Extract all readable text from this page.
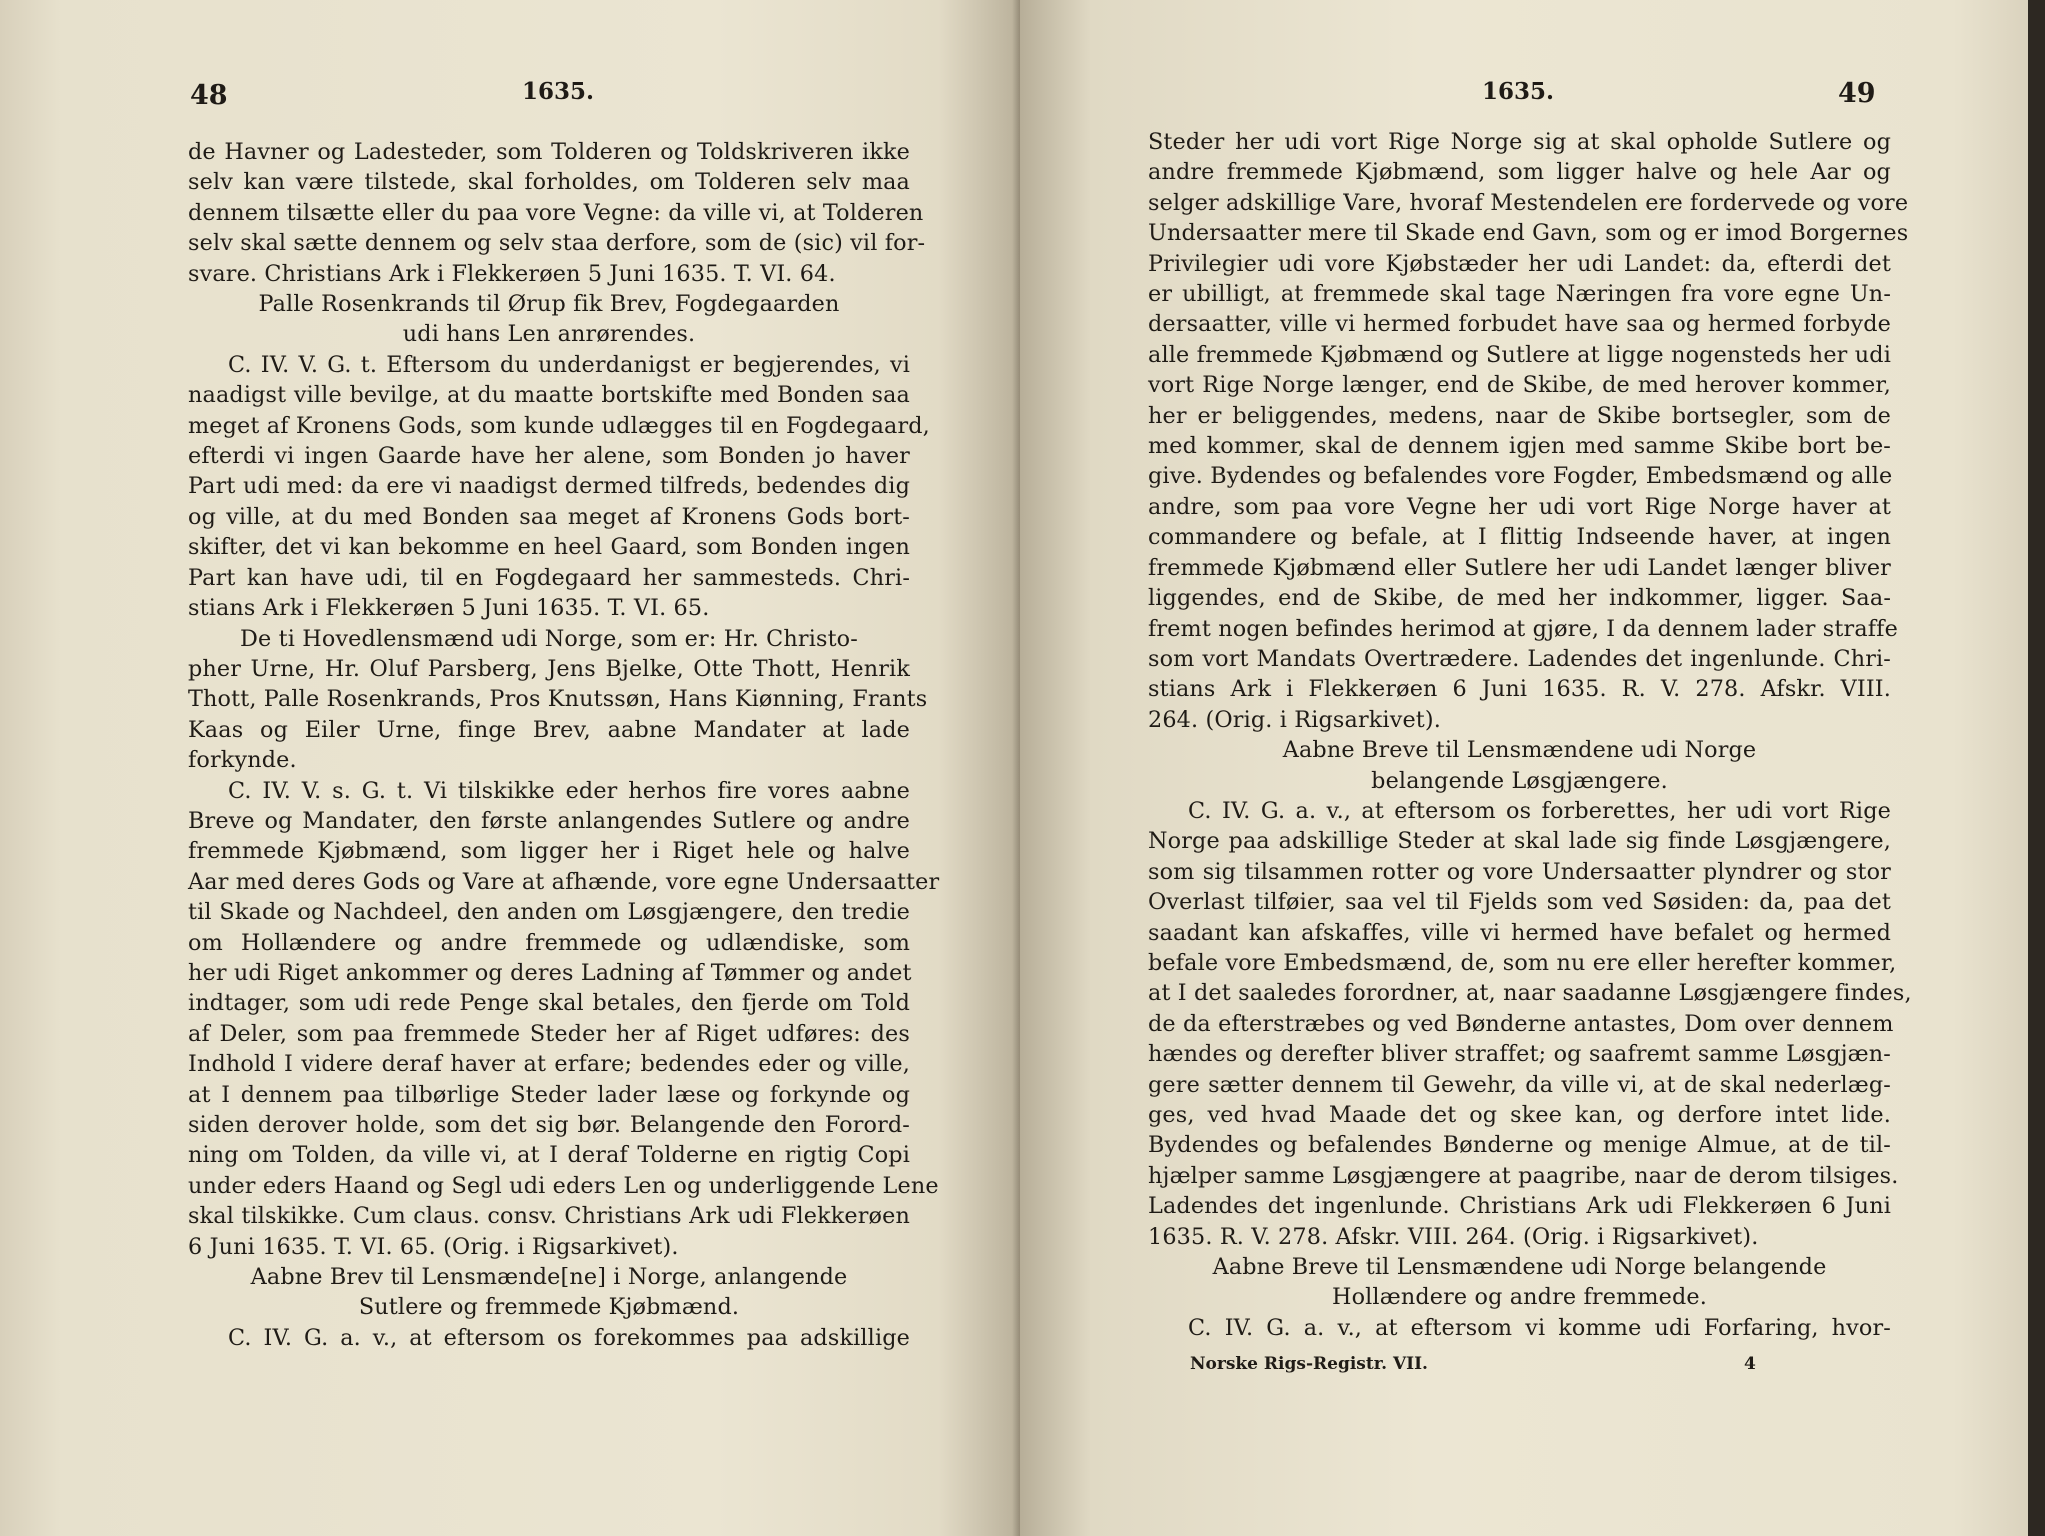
48	1635.
de Havner og Ladesteder, som Tolderen og Toldskriveren ikke
selv kan være tilstede, skal forholdes, om Tolderen selv maa
dennem tilsætte eller du paa vore Vegne: da ville vi, at Tolderen
selv skal sætte dennem og selv staa derfore, som de (sic) vil for-
svare. Christians Ark i Flekkerøen 5 Juni 1635. T. VI. 64.
Palle Rosenkrands til Ørup fik Brev, Fogdegaarden
udi hans Len anrørendes.
C. IV. V. G. t. Eftersom du underdanigst er begjerendes, vi
naadigst ville bevilge, at du maatte bortskifte med Bonden saa
meget af Kronens Gods, som kunde udlægges til en Fogdegaard,
efterdi vi ingen Gaarde have her alene, som Bonden jo haver
Part udi med: da ere vi naadigst dermed tilfreds, bedendes dig
og ville, at du med Bonden saa meget af Kronens Gods bort-
skifter, det vi kan bekomme en heel Gaard, som Bonden ingen
Part kan have udi, til en Fogdegaard her sammesteds. Chri-
stians Ark i Flekkerøen 5 Juni 1635. T. VI. 65.
De ti Hovedlensmænd udi Norge, som er: Hr. Christo-
pher Urne, Hr. Oluf Parsberg, Jens Bjelke, Otte Thott, Henrik
Thott, Palle Rosenkrands, Pros Knutssøn, Hans Kiønning, Frants
Kaas og Eiler Urne, finge Brev, aabne Mandater at lade
forkynde.
C. IV. V. s. G. t. Vi tilskikke eder herhos fire vores aabne
Breve og Mandater, den første anlangendes Sutlere og andre
fremmede Kjøbmænd, som ligger her i Riget hele og halve
Aar med deres Gods og Vare at afhænde, vore egne Undersaatter
til Skade og Nachdeel, den anden om Løsgjængere, den tredie
om Hollændere og andre fremmede og udlændiske, som
her udi Riget ankommer og deres Ladning af Tømmer og andet
indtager, som udi rede Penge skal betales, den fjerde om Told
af Deler, som paa fremmede Steder her af Riget udføres: des
Indhold I videre deraf haver at erfare; bedendes eder og ville,
at I dennem paa tilbørlige Steder lader læse og forkynde og
siden derover holde, som det sig bør. Belangende den Forord-
ning om Tolden, da ville vi, at I deraf Tolderne en rigtig Copi
under eders Haand og Segl udi eders Len og underliggende Lene
skal tilskikke. Cum claus. consv. Christians Ark udi Flekkerøen
6 Juni 1635. T. VI. 65. (Orig. i Rigsarkivet).
Aabne Brev til Lensmænde[ne] i Norge, anlangende
Sutlere og fremmede Kjøbmænd.
C. IV. G. a. v., at eftersom os forekommes paa adskillige
1635.	49
Steder her udi vort Rige Norge sig at skal opholde Sutlere og
andre fremmede Kjøbmænd, som ligger halve og hele Aar og
selger adskillige Vare, hvoraf Mestendelen ere fordervede og vore
Undersaatter mere til Skade end Gavn, som og er imod Borgernes
Privilegier udi vore Kjøbstæder her udi Landet: da, efterdi det
er ubilligt, at fremmede skal tage Næringen fra vore egne Un-
dersaatter, ville vi hermed forbudet have saa og hermed forbyde
alle fremmede Kjøbmænd og Sutlere at ligge nogensteds her udi
vort Rige Norge længer, end de Skibe, de med herover kommer,
her er beliggendes, medens, naar de Skibe bortsegler, som de
med kommer, skal de dennem igjen med samme Skibe bort be-
give. Bydendes og befalendes vore Fogder, Embedsmænd og alle
andre, som paa vore Vegne her udi vort Rige Norge haver at
commandere og befale, at I flittig Indseende haver, at ingen
fremmede Kjøbmænd eller Sutlere her udi Landet længer bliver
liggendes, end de Skibe, de med her indkommer, ligger. Saa-
fremt nogen befindes herimod at gjøre, I da dennem lader straffe
som vort Mandats Overtrædere. Ladendes det ingenlunde. Chri-
stians Ark i Flekkerøen 6 Juni 1635. R. V. 278. Afskr. VIII.
264. (Orig. i Rigsarkivet).
Aabne Breve til Lensmændene udi Norge
belangende Løsgjængere.
C. IV. G. a. v., at eftersom os forberettes, her udi vort Rige
Norge paa adskillige Steder at skal lade sig finde Løsgjængere,
som sig tilsammen rotter og vore Undersaatter plyndrer og stor
Overlast tilføier, saa vel til Fjelds som ved Søsiden: da, paa det
saadant kan afskaffes, ville vi hermed have befalet og hermed
befale vore Embedsmænd, de, som nu ere eller herefter kommer,
at I det saaledes forordner, at, naar saadanne Løsgjængere findes,
de da efterstræbes og ved Bønderne antastes, Dom over dennem
hændes og derefter bliver straffet; og saafremt samme Løsgjæn-
gere sætter dennem til Gewehr, da ville vi, at de skal nederlæg-
ges, ved hvad Maade det og skee kan, og derfore intet lide.
Bydendes og befalendes Bønderne og menige Almue, at de til-
hjælper samme Løsgjængere at paagribe, naar de derom tilsiges.
Ladendes det ingenlunde. Christians Ark udi Flekkerøen 6 Juni
1635. R. V. 278. Afskr. VIII. 264. (Orig. i Rigsarkivet).
Aabne Breve til Lensmændene udi Norge belangende
Hollændere og andre fremmede.
C. IV. G. a. v., at eftersom vi komme udi Forfaring, hvor-
Norske Rigs-Registr. VII.	4
